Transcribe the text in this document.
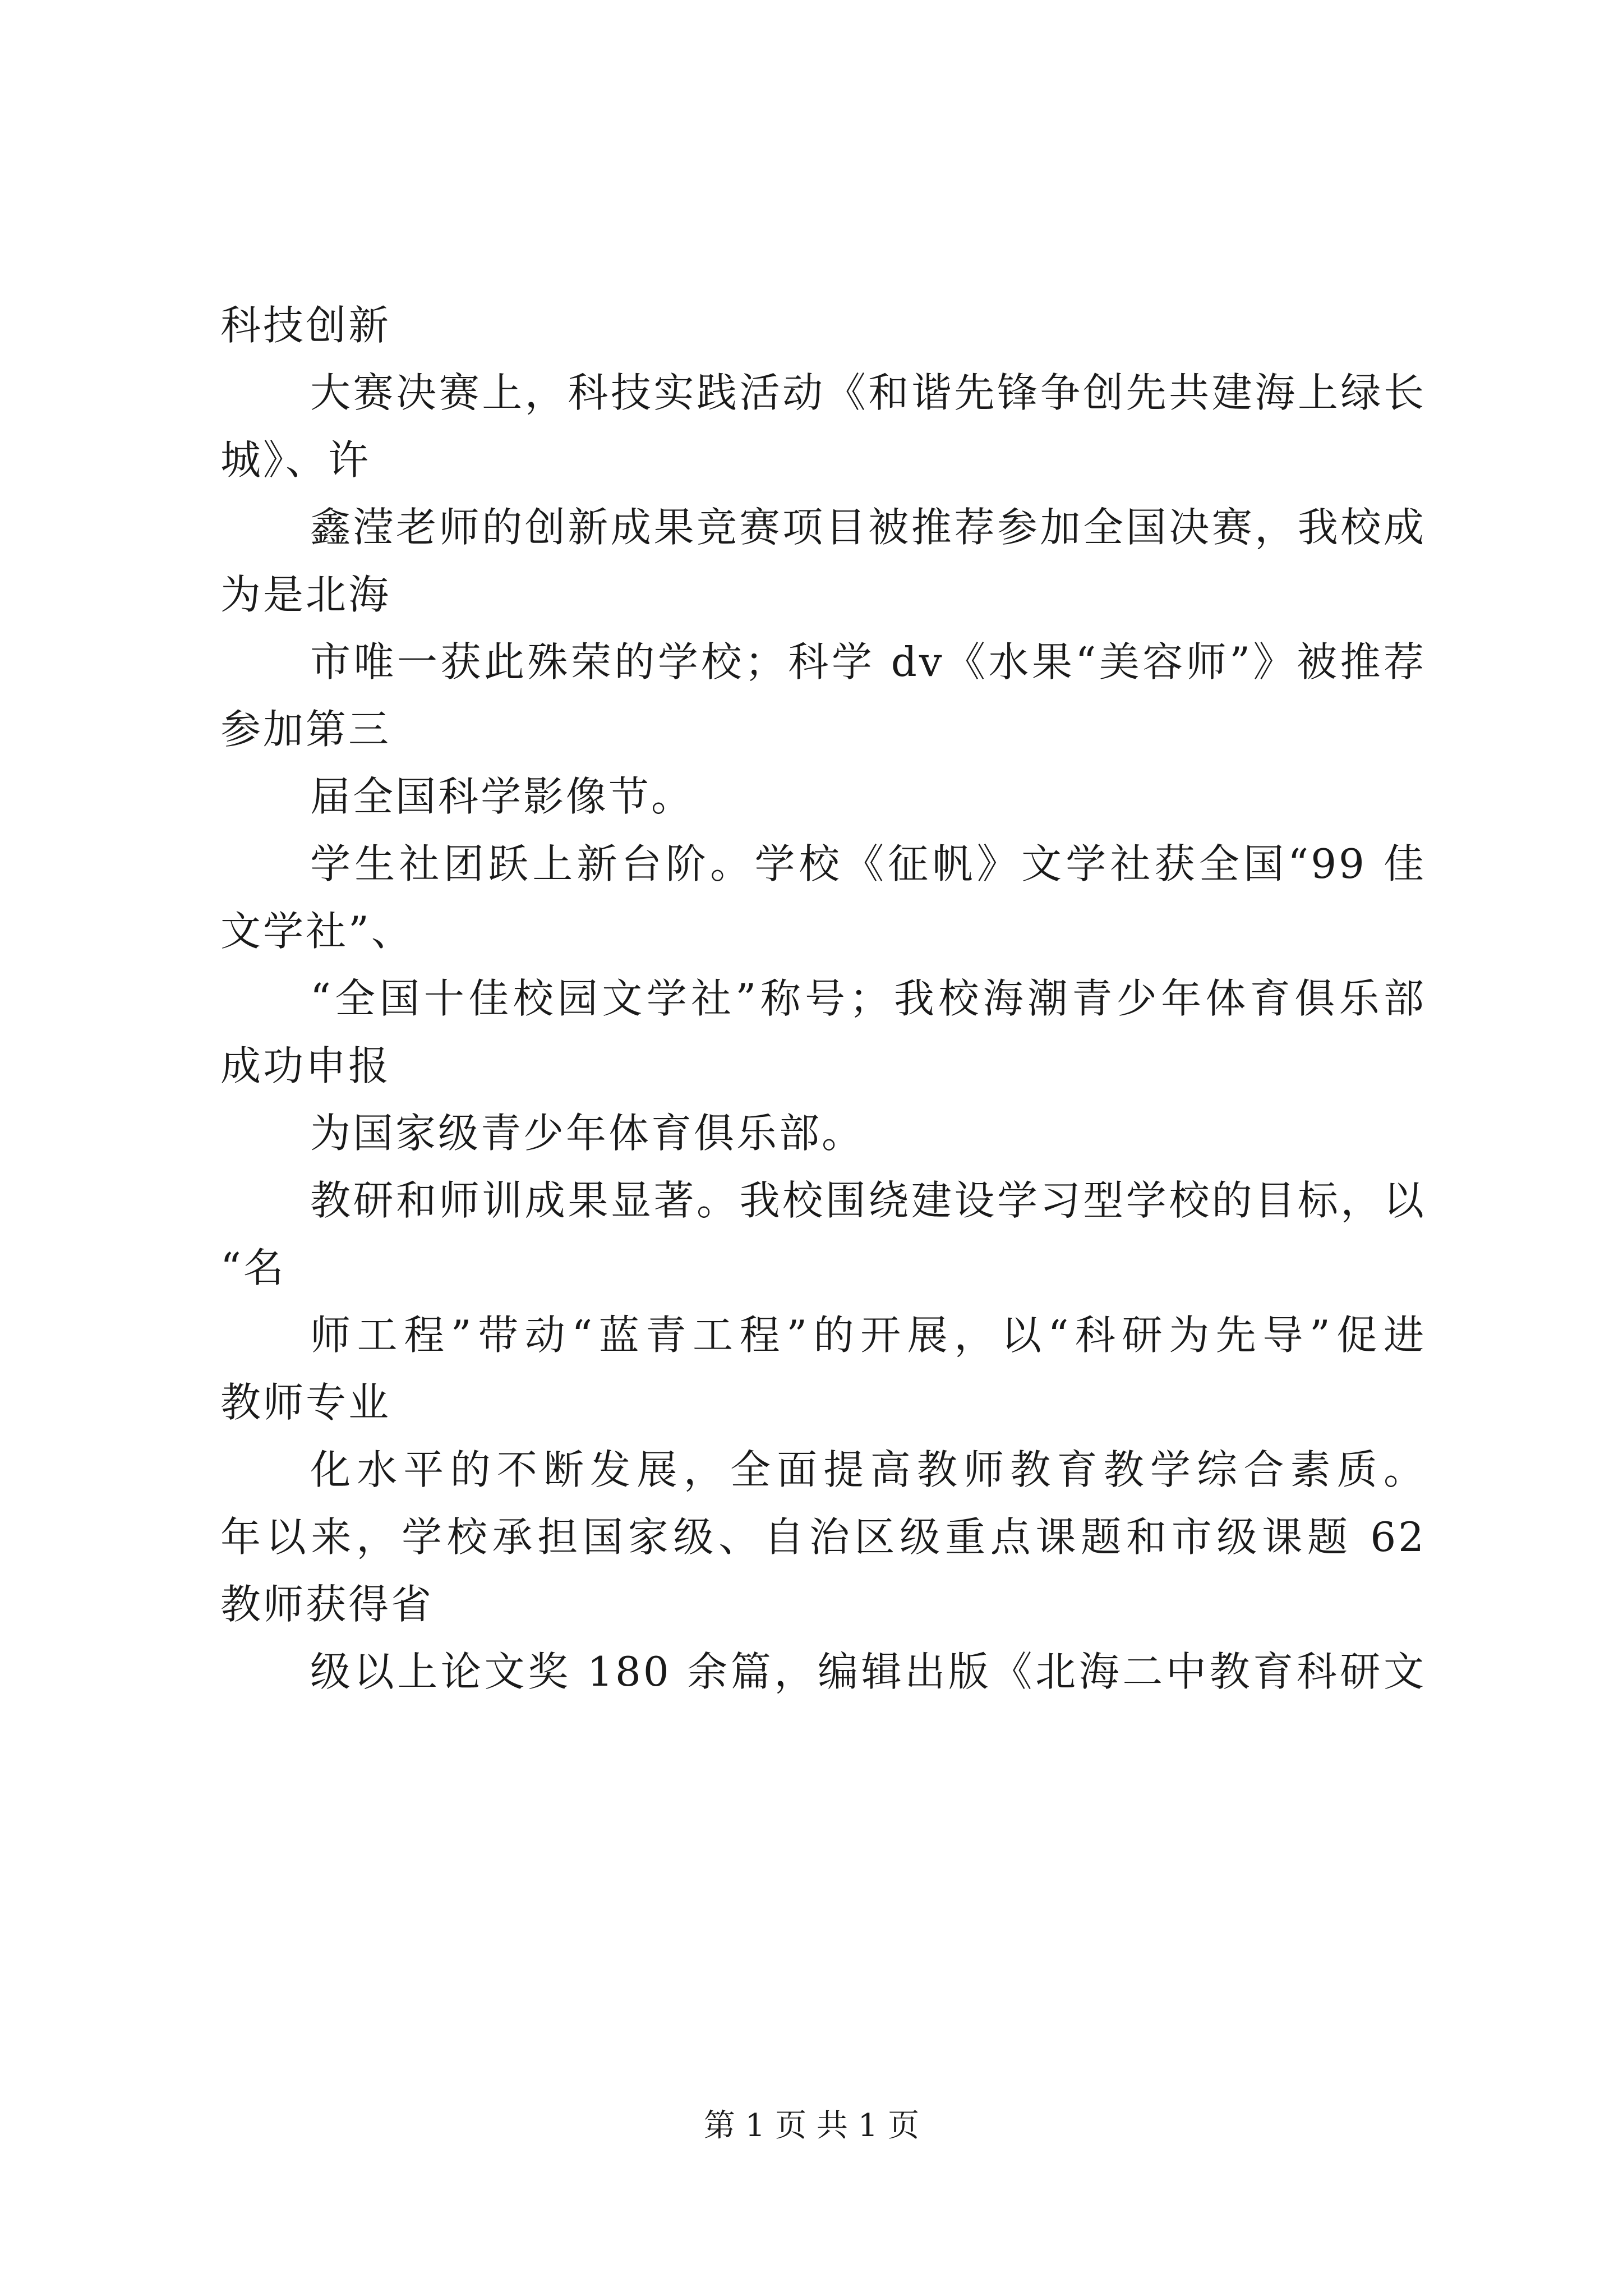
科技创新
大赛决赛上，科技实践活动《和谐先锋争创先共建海上绿长
城》、许
鑫滢老师的创新成果竞赛项目被推荐参加全国决赛，我校成
为是北海
市唯一获此殊荣的学校；科学 dv《水果“美容师”》被推荐
参加第三
届全国科学影像节。
学生社团跃上新台阶。学校《征帆》文学社获全国“99 佳
文学社”、
“全国十佳校园文学社”称号；我校海潮青少年体育俱乐部
成功申报
为国家级青少年体育俱乐部。
教研和师训成果显著。我校围绕建设学习型学校的目标，以
“名
师工程”带动“蓝青工程”的开展，以“科研为先导”促进
教师专业
化水平的不断发展，全面提高教师教育教学综合素质。
年以来，学校承担国家级、自治区级重点课题和市级课题 62
教师获得省
级以上论文奖 180 余篇，编辑出版《北海二中教育科研文
第 1 页 共 1 页
